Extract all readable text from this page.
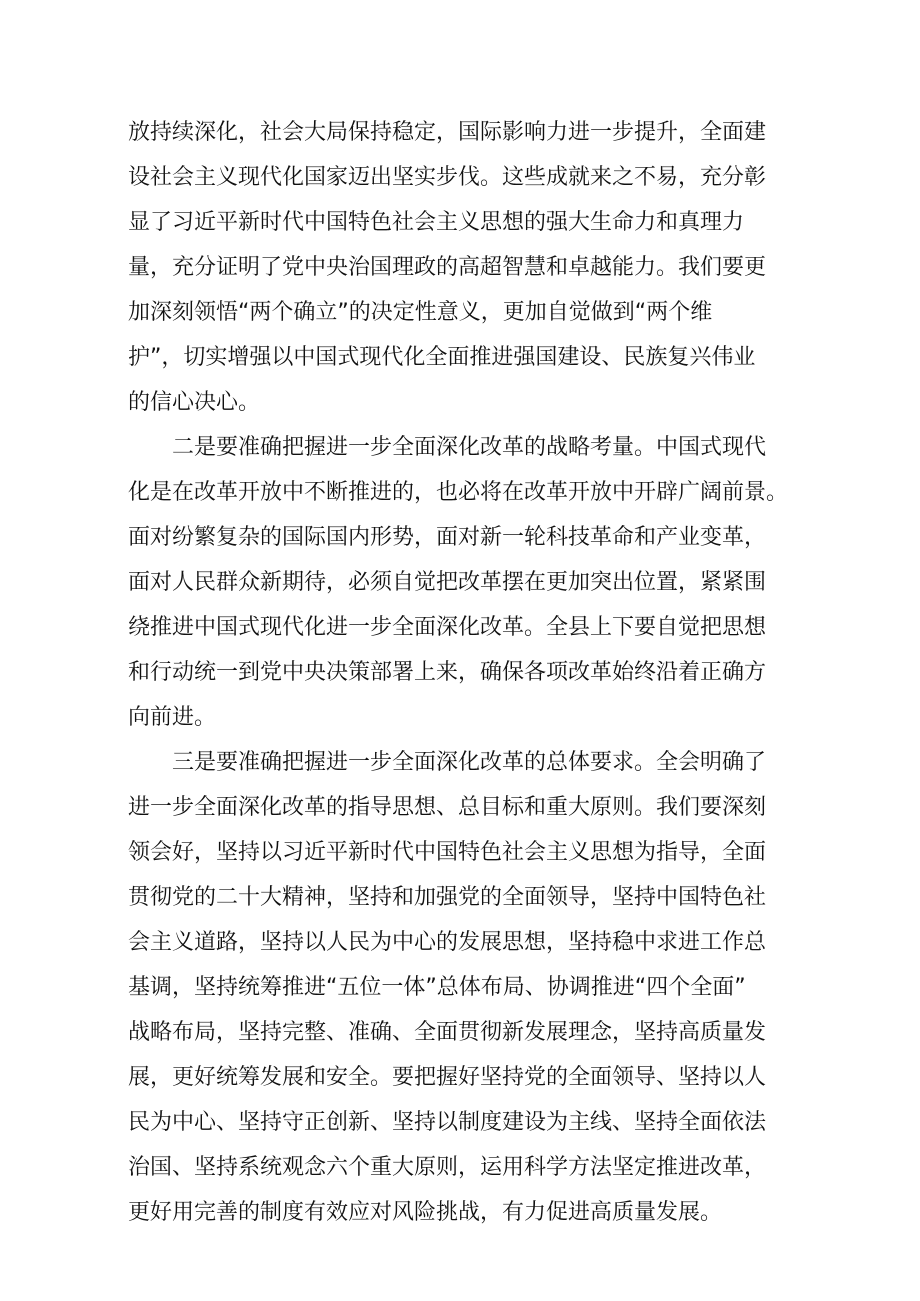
放持续深化，社会大局保持稳定，国际影响力进一步提升，全面建
设社会主义现代化国家迈出坚实步伐。这些成就来之不易，充分彰
显了习近平新时代中国特色社会主义思想的强大生命力和真理力
量，充分证明了党中央治国理政的高超智慧和卓越能力。我们要更
加深刻领悟“两个确立”的决定性意义，更加自觉做到“两个维
护”，切实增强以中国式现代化全面推进强国建设、民族复兴伟业
的信心决心。
二是要准确把握进一步全面深化改革的战略考量。中国式现代
化是在改革开放中不断推进的，也必将在改革开放中开辟广阔前景。
面对纷繁复杂的国际国内形势，面对新一轮科技革命和产业变革，
面对人民群众新期待，必须自觉把改革摆在更加突出位置，紧紧围
绕推进中国式现代化进一步全面深化改革。全县上下要自觉把思想
和行动统一到党中央决策部署上来，确保各项改革始终沿着正确方
向前进。
三是要准确把握进一步全面深化改革的总体要求。全会明确了
进一步全面深化改革的指导思想、总目标和重大原则。我们要深刻
领会好，坚持以习近平新时代中国特色社会主义思想为指导，全面
贯彻党的二十大精神，坚持和加强党的全面领导，坚持中国特色社
会主义道路，坚持以人民为中心的发展思想，坚持稳中求进工作总
基调，坚持统筹推进“五位一体”总体布局、协调推进“四个全面”
战略布局，坚持完整、准确、全面贯彻新发展理念，坚持高质量发
展，更好统筹发展和安全。要把握好坚持党的全面领导、坚持以人
民为中心、坚持守正创新、坚持以制度建设为主线、坚持全面依法
治国、坚持系统观念六个重大原则，运用科学方法坚定推进改革，
更好用完善的制度有效应对风险挑战，有力促进高质量发展。
